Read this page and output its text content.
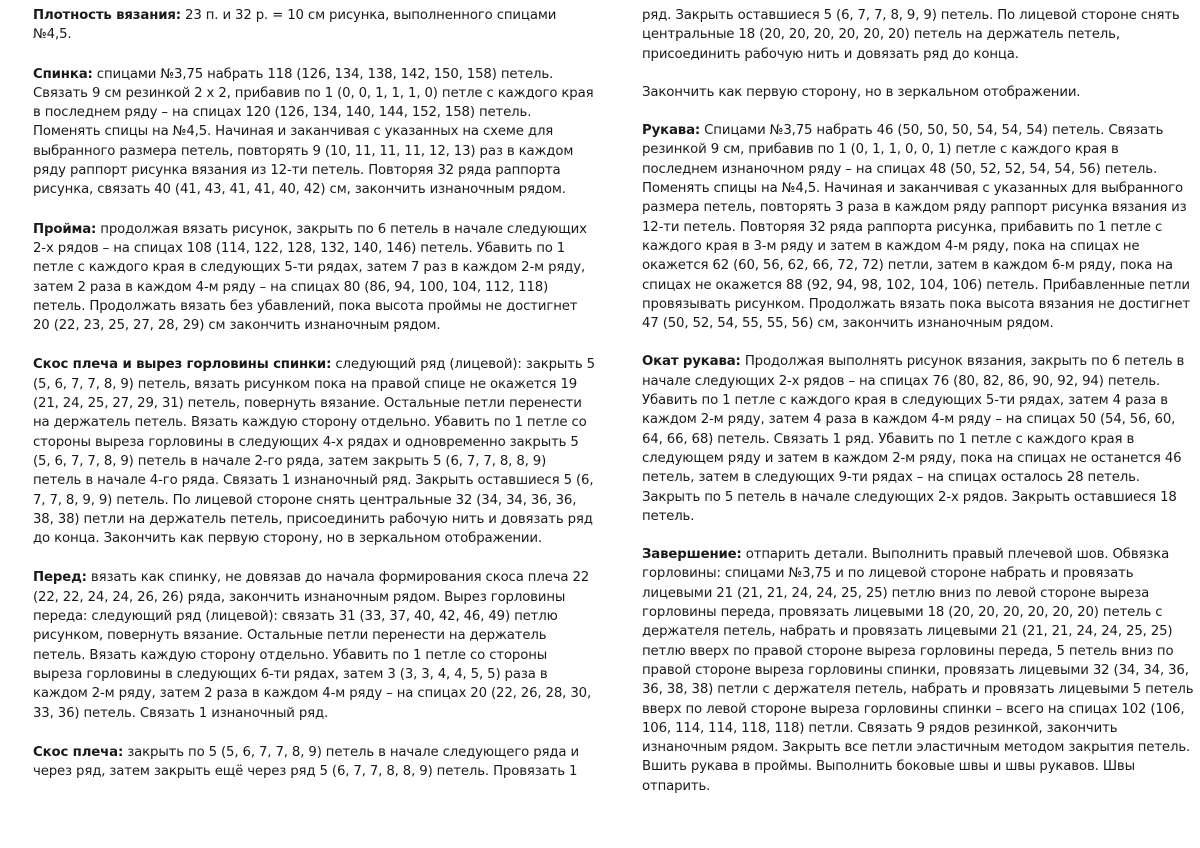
Плотность вязания: 23 п. и 32 р. = 10 см рисунка, выполненного спицами №4,5.

Спинка: спицами №3,75 набрать 118 (126, 134, 138, 142, 150, 158) петель. Связать 9 см резинкой 2 х 2, прибавив по 1 (0, 0, 1, 1, 1, 0) петле с каждого края в последнем ряду – на спицах 120 (126, 134, 140, 144, 152, 158) петель. Поменять спицы на №4,5. Начиная и заканчивая с указанных на схеме для выбранного размера петель, повторять 9 (10, 11, 11, 11, 12, 13) раз в каждом ряду раппорт рисунка вязания из 12-ти петель. Повторяя 32 ряда раппорта рисунка, связать 40 (41, 43, 41, 41, 40, 42) см, закончить изнаночным рядом.

Пройма: продолжая вязать рисунок, закрыть по 6 петель в начале следующих 2-х рядов – на спицах 108 (114, 122, 128, 132, 140, 146) петель. Убавить по 1 петле с каждого края в следующих 5-ти рядах, затем 7 раз в каждом 2-м ряду, затем 2 раза в каждом 4-м ряду – на спицах 80 (86, 94, 100, 104, 112, 118) петель. Продолжать вязать без убавлений, пока высота проймы не достигнет 20 (22, 23, 25, 27, 28, 29) см закончить изнаночным рядом.

Скос плеча и вырез горловины спинки: следующий ряд (лицевой): закрыть 5 (5, 6, 7, 7, 8, 9) петель, вязать рисунком пока на правой спице не окажется 19 (21, 24, 25, 27, 29, 31) петель, повернуть вязание. Остальные петли перенести на держатель петель. Вязать каждую сторону отдельно. Убавить по 1 петле со стороны выреза горловины в следующих 4-х рядах и одновременно закрыть 5 (5, 6, 7, 7, 8, 9) петель в начале 2-го ряда, затем закрыть 5 (6, 7, 7, 8, 8, 9) петель в начале 4-го ряда. Связать 1 изнаночный ряд. Закрыть оставшиеся 5 (6, 7, 7, 8, 9, 9) петель. По лицевой стороне снять центральные 32 (34, 34, 36, 36, 38, 38) петли на держатель петель, присоединить рабочую нить и довязать ряд до конца. Закончить как первую сторону, но в зеркальном отображении.

Перед: вязать как спинку, не довязав до начала формирования скоса плеча 22 (22, 22, 24, 24, 26, 26) ряда, закончить изнаночным рядом. Вырез горловины переда: следующий ряд (лицевой): связать 31 (33, 37, 40, 42, 46, 49) петлю рисунком, повернуть вязание. Остальные петли перенести на держатель петель. Вязать каждую сторону отдельно. Убавить по 1 петле со стороны выреза горловины в следующих 6-ти рядах, затем 3 (3, 3, 4, 4, 5, 5) раза в каждом 2-м ряду, затем 2 раза в каждом 4-м ряду – на спицах 20 (22, 26, 28, 30, 33, 36) петель. Связать 1 изнаночный ряд.

Скос плеча: закрыть по 5 (5, 6, 7, 7, 8, 9) петель в начале следующего ряда и через ряд, затем закрыть ещё через ряд 5 (6, 7, 7, 8, 8, 9) петель. Провязать 1

ряд. Закрыть оставшиеся 5 (6, 7, 7, 8, 9, 9) петель. По лицевой стороне снять центральные 18 (20, 20, 20, 20, 20, 20) петель на держатель петель, присоединить рабочую нить и довязать ряд до конца.

Закончить как первую сторону, но в зеркальном отображении.

Рукава: Спицами №3,75 набрать 46 (50, 50, 50, 54, 54, 54) петель. Связать резинкой 9 см, прибавив по 1 (0, 1, 1, 0, 0, 1) петле с каждого края в последнем изнаночном ряду – на спицах 48 (50, 52, 52, 54, 54, 56) петель. Поменять спицы на №4,5. Начиная и заканчивая с указанных для выбранного размера петель, повторять 3 раза в каждом ряду раппорт рисунка вязания из 12-ти петель. Повторяя 32 ряда раппорта рисунка, прибавить по 1 петле с каждого края в 3-м ряду и затем в каждом 4-м ряду, пока на спицах не окажется 62 (60, 56, 62, 66, 72, 72) петли, затем в каждом 6-м ряду, пока на спицах не окажется 88 (92, 94, 98, 102, 104, 106) петель. Прибавленные петли провязывать рисунком. Продолжать вязать пока высота вязания не достигнет 47 (50, 52, 54, 55, 55, 56) см, закончить изнаночным рядом.

Окат рукава: Продолжая выполнять рисунок вязания, закрыть по 6 петель в начале следующих 2-х рядов – на спицах 76 (80, 82, 86, 90, 92, 94) петель. Убавить по 1 петле с каждого края в следующих 5-ти рядах, затем 4 раза в каждом 2-м ряду, затем 4 раза в каждом 4-м ряду – на спицах 50 (54, 56, 60, 64, 66, 68) петель. Связать 1 ряд. Убавить по 1 петле с каждого края в следующем ряду и затем в каждом 2-м ряду, пока на спицах не останется 46 петель, затем в следующих 9-ти рядах – на спицах осталось 28 петель. Закрыть по 5 петель в начале следующих 2-х рядов. Закрыть оставшиеся 18 петель.

Завершение: отпарить детали. Выполнить правый плечевой шов. Обвязка горловины: спицами №3,75 и по лицевой стороне набрать и провязать лицевыми 21 (21, 21, 24, 24, 25, 25) петлю вниз по левой стороне выреза горловины переда, провязать лицевыми 18 (20, 20, 20, 20, 20, 20) петель с держателя петель, набрать и провязать лицевыми 21 (21, 21, 24, 24, 25, 25) петлю вверх по правой стороне выреза горловины переда, 5 петель вниз по правой стороне выреза горловины спинки, провязать лицевыми 32 (34, 34, 36, 36, 38, 38) петли с держателя петель, набрать и провязать лицевыми 5 петель вверх по левой стороне выреза горловины спинки – всего на спицах 102 (106, 106, 114, 114, 118, 118) петли. Связать 9 рядов резинкой, закончить изнаночным рядом. Закрыть все петли эластичным методом закрытия петель. Вшить рукава в проймы. Выполнить боковые швы и швы рукавов. Швы отпарить.
